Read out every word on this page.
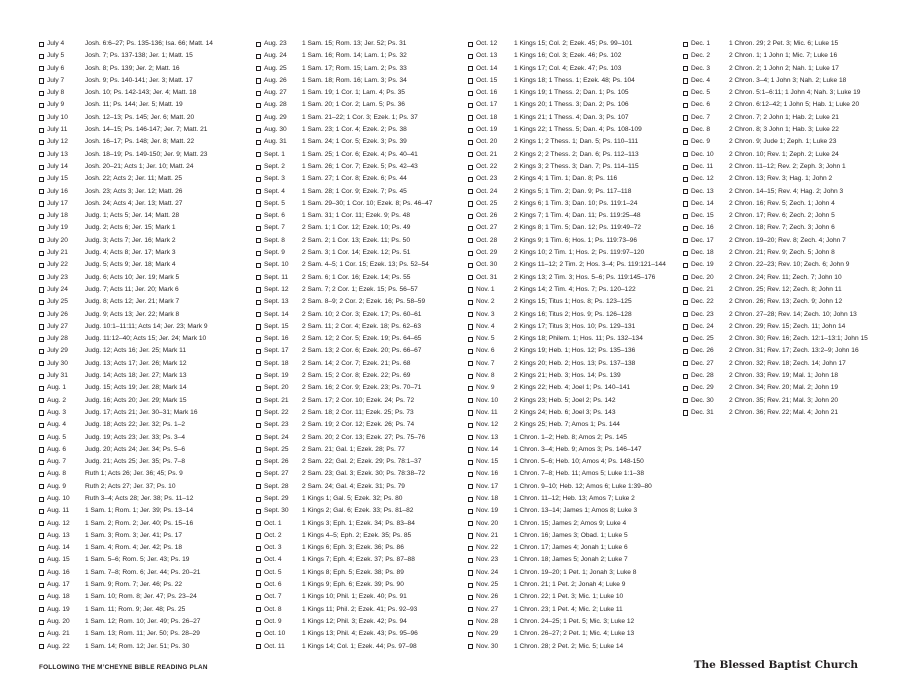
July 4	Josh. 6:6–27; Ps. 135-136; Isa. 66; Matt. 14
July 5	Josh. 7; Ps. 137-138; Jer. 1; Matt. 15
July 6	Josh. 8; Ps. 139; Jer. 2; Matt. 16
July 7	Josh. 9; Ps. 140-141; Jer. 3; Matt. 17
July 8	Josh. 10; Ps. 142-143; Jer. 4; Matt. 18
July 9	Josh. 11; Ps. 144; Jer. 5; Matt. 19
July 10	Josh. 12–13; Ps. 145; Jer. 6; Matt. 20
July 11	Josh. 14–15; Ps. 146-147; Jer. 7; Matt. 21
July 12	Josh. 16–17; Ps. 148; Jer. 8; Matt. 22
July 13	Josh. 18–19; Ps. 149-150; Jer. 9; Matt. 23
July 14	Josh. 20–21; Acts 1; Jer. 10; Matt. 24
July 15	Josh. 22; Acts 2; Jer. 11; Matt. 25
July 16	Josh. 23; Acts 3; Jer. 12; Matt. 26
July 17	Josh. 24; Acts 4; Jer. 13; Matt. 27
July 18	Judg. 1; Acts 5; Jer. 14; Matt. 28
July 19	Judg. 2; Acts 6; Jer. 15; Mark 1
July 20	Judg. 3; Acts 7; Jer. 16; Mark 2
July 21	Judg. 4; Acts 8; Jer. 17; Mark 3
July 22	Judg. 5; Acts 9; Jer. 18; Mark 4
July 23	Judg. 6; Acts 10; Jer. 19; Mark 5
July 24	Judg. 7; Acts 11; Jer. 20; Mark 6
July 25	Judg. 8; Acts 12; Jer. 21; Mark 7
July 26	Judg. 9; Acts 13; Jer. 22; Mark 8
July 27	Judg. 10:1–11:11; Acts 14; Jer. 23; Mark 9
July 28	Judg. 11:12–40; Acts 15; Jer. 24; Mark 10
July 29	Judg. 12; Acts 16; Jer. 25; Mark 11
July 30	Judg. 13; Acts 17; Jer. 26; Mark 12
July 31	Judg. 14; Acts 18; Jer. 27; Mark 13
Aug. 1	Judg. 15; Acts 19; Jer. 28; Mark 14
Aug. 2	Judg. 16; Acts 20; Jer. 29; Mark 15
Aug. 3	Judg. 17; Acts 21; Jer. 30–31; Mark 16
Aug. 4	Judg. 18; Acts 22; Jer. 32; Ps. 1–2
Aug. 5	Judg. 19; Acts 23; Jer. 33; Ps. 3–4
Aug. 6	Judg. 20; Acts 24; Jer. 34; Ps. 5–6
Aug. 7	Judg. 21; Acts 25; Jer. 35; Ps. 7–8
Aug. 8	Ruth 1; Acts 26; Jer. 36; 45; Ps. 9
Aug. 9	Ruth 2; Acts 27; Jer. 37; Ps. 10
Aug. 10	Ruth 3–4; Acts 28; Jer. 38; Ps. 11–12
Aug. 11	1 Sam. 1; Rom. 1; Jer. 39; Ps. 13–14
Aug. 12	1 Sam. 2; Rom. 2; Jer. 40; Ps. 15–16
Aug. 13	1 Sam. 3; Rom. 3; Jer. 41; Ps. 17
Aug. 14	1 Sam. 4; Rom. 4; Jer. 42; Ps. 18
Aug. 15	1 Sam. 5–6; Rom. 5; Jer. 43; Ps. 19
Aug. 16	1 Sam. 7–8; Rom. 6; Jer. 44; Ps. 20–21
Aug. 17	1 Sam. 9; Rom. 7; Jer. 46; Ps. 22
Aug. 18	1 Sam. 10; Rom. 8; Jer. 47; Ps. 23–24
Aug. 19	1 Sam. 11; Rom. 9; Jer. 48; Ps. 25
Aug. 20	1 Sam. 12; Rom. 10; Jer. 49; Ps. 26–27
Aug. 21	1 Sam. 13; Rom. 11; Jer. 50; Ps. 28–29
Aug. 22	1 Sam. 14; Rom. 12; Jer. 51; Ps. 30
Aug. 23	1 Sam. 15; Rom. 13; Jer. 52; Ps. 31
Aug. 24	1 Sam. 16; Rom. 14; Lam. 1; Ps. 32
Aug. 25	1 Sam. 17; Rom. 15; Lam. 2; Ps. 33
Aug. 26	1 Sam. 18; Rom. 16; Lam. 3; Ps. 34
Aug. 27	1 Sam. 19; 1 Cor. 1; Lam. 4; Ps. 35
Aug. 28	1 Sam. 20; 1 Cor. 2; Lam. 5; Ps. 36
Aug. 29	1 Sam. 21–22; 1 Cor. 3; Ezek. 1; Ps. 37
Aug. 30	1 Sam. 23; 1 Cor. 4; Ezek. 2; Ps. 38
Aug. 31	1 Sam. 24; 1 Cor. 5; Ezek. 3; Ps. 39
Sept. 1	1 Sam. 25; 1 Cor. 6; Ezek. 4; Ps. 40–41
Sept. 2	1 Sam. 26; 1 Cor. 7; Ezek. 5; Ps. 42–43
Sept. 3	1 Sam. 27; 1 Cor. 8; Ezek. 6; Ps. 44
Sept. 4	1 Sam. 28; 1 Cor. 9; Ezek. 7; Ps. 45
Sept. 5	1 Sam. 29–30; 1 Cor. 10; Ezek. 8; Ps. 46–47
Sept. 6	1 Sam. 31; 1 Cor. 11; Ezek. 9; Ps. 48
Sept. 7	2 Sam. 1; 1 Cor. 12; Ezek. 10; Ps. 49
Sept. 8	2 Sam. 2; 1 Cor. 13; Ezek. 11; Ps. 50
Sept. 9	2 Sam. 3; 1 Cor. 14; Ezek. 12; Ps. 51
Sept. 10	2 Sam. 4–5; 1 Cor. 15; Ezek. 13; Ps. 52–54
Sept. 11	2 Sam. 6; 1 Cor. 16; Ezek. 14; Ps. 55
Sept. 12	2 Sam. 7; 2 Cor. 1; Ezek. 15; Ps. 56–57
Sept. 13	2 Sam. 8–9; 2 Cor. 2; Ezek. 16; Ps. 58–59
Sept. 14	2 Sam. 10; 2 Cor. 3; Ezek. 17; Ps. 60–61
Sept. 15	2 Sam. 11; 2 Cor. 4; Ezek. 18; Ps. 62–63
Sept. 16	2 Sam. 12; 2 Cor. 5; Ezek. 19; Ps. 64–65
Sept. 17	2 Sam. 13; 2 Cor. 6; Ezek. 20; Ps. 66–67
Sept. 18	2 Sam. 14; 2 Cor. 7; Ezek. 21; Ps. 68
Sept. 19	2 Sam. 15; 2 Cor. 8; Ezek. 22; Ps. 69
Sept. 20	2 Sam. 16; 2 Cor. 9; Ezek. 23; Ps. 70–71
Sept. 21	2 Sam. 17; 2 Cor. 10; Ezek. 24; Ps. 72
Sept. 22	2 Sam. 18; 2 Cor. 11; Ezek. 25; Ps. 73
Sept. 23	2 Sam. 19; 2 Cor. 12; Ezek. 26; Ps. 74
Sept. 24	2 Sam. 20; 2 Cor. 13; Ezek. 27; Ps. 75–76
Sept. 25	2 Sam. 21; Gal. 1; Ezek. 28; Ps. 77
Sept. 26	2 Sam. 22; Gal. 2; Ezek. 29; Ps. 78:1–37
Sept. 27	2 Sam. 23; Gal. 3; Ezek. 30; Ps. 78:38–72
Sept. 28	2 Sam. 24; Gal. 4; Ezek. 31; Ps. 79
Sept. 29	1 Kings 1; Gal. 5; Ezek. 32; Ps. 80
Sept. 30	1 Kings 2; Gal. 6; Ezek. 33; Ps. 81–82
Oct. 1	1 Kings 3; Eph. 1; Ezek. 34; Ps. 83–84
Oct. 2	1 Kings 4–5; Eph. 2; Ezek. 35; Ps. 85
Oct. 3	1 Kings 6; Eph. 3; Ezek. 36; Ps. 86
Oct. 4	1 Kings 7; Eph. 4; Ezek. 37; Ps. 87–88
Oct. 5	1 Kings 8; Eph. 5; Ezek. 38; Ps. 89
Oct. 6	1 Kings 9; Eph. 6; Ezek. 39; Ps. 90
Oct. 7	1 Kings 10; Phil. 1; Ezek. 40; Ps. 91
Oct. 8	1 Kings 11; Phil. 2; Ezek. 41; Ps. 92–93
Oct. 9	1 Kings 12; Phil. 3; Ezek. 42; Ps. 94
Oct. 10	1 Kings 13; Phil. 4; Ezek. 43; Ps. 95–96
Oct. 11	1 Kings 14; Col. 1; Ezek. 44; Ps. 97–98
Oct. 12	1 Kings 15; Col. 2; Ezek. 45; Ps. 99–101
Oct. 13	1 Kings 16; Col. 3; Ezek. 46; Ps. 102
Oct. 14	1 Kings 17; Col. 4; Ezek. 47; Ps. 103
Oct. 15	1 Kings 18; 1 Thess. 1; Ezek. 48; Ps. 104
Oct. 16	1 Kings 19; 1 Thess. 2; Dan. 1; Ps. 105
Oct. 17	1 Kings 20; 1 Thess. 3; Dan. 2; Ps. 106
Oct. 18	1 Kings 21; 1 Thess. 4; Dan. 3; Ps. 107
Oct. 19	1 Kings 22; 1 Thess. 5; Dan. 4; Ps. 108-109
Oct. 20	2 Kings 1; 2 Thess. 1; Dan. 5; Ps. 110–111
Oct. 21	2 Kings 2; 2 Thess. 2; Dan. 6; Ps. 112–113
Oct. 22	2 Kings 3; 2 Thess. 3; Dan. 7; Ps. 114–115
Oct. 23	2 Kings 4; 1 Tim. 1; Dan. 8; Ps. 116
Oct. 24	2 Kings 5; 1 Tim. 2; Dan. 9; Ps. 117–118
Oct. 25	2 Kings 6; 1 Tim. 3; Dan. 10; Ps. 119:1–24
Oct. 26	2 Kings 7; 1 Tim. 4; Dan. 11; Ps. 119:25–48
Oct. 27	2 Kings 8; 1 Tim. 5; Dan. 12; Ps. 119:49–72
Oct. 28	2 Kings 9; 1 Tim. 6; Hos. 1; Ps. 119:73–96
Oct. 29	2 Kings 10; 2 Tim. 1; Hos. 2; Ps. 119:97–120
Oct. 30	2 Kings 11–12; 2 Tim. 2; Hos. 3–4; Ps. 119:121–144
Oct. 31	2 Kings 13; 2 Tim. 3; Hos. 5–6; Ps. 119:145–176
Nov. 1	2 Kings 14; 2 Tim. 4; Hos. 7; Ps. 120–122
Nov. 2	2 Kings 15; Titus 1; Hos. 8; Ps. 123–125
Nov. 3	2 Kings 16; Titus 2; Hos. 9; Ps. 126–128
Nov. 4	2 Kings 17; Titus 3; Hos. 10; Ps. 129–131
Nov. 5	2 Kings 18; Philem. 1; Hos. 11; Ps. 132–134
Nov. 6	2 Kings 19; Heb. 1; Hos. 12; Ps. 135–136
Nov. 7	2 Kings 20; Heb. 2; Hos. 13; Ps. 137–138
Nov. 8	2 Kings 21; Heb. 3; Hos. 14; Ps. 139
Nov. 9	2 Kings 22; Heb. 4; Joel 1; Ps. 140–141
Nov. 10	2 Kings 23; Heb. 5; Joel 2; Ps. 142
Nov. 11	2 Kings 24; Heb. 6; Joel 3; Ps. 143
Nov. 12	2 Kings 25; Heb. 7; Amos 1; Ps. 144
Nov. 13	1 Chron. 1–2; Heb. 8; Amos 2; Ps. 145
Nov. 14	1 Chron. 3–4; Heb. 9; Amos 3; Ps. 146–147
Nov. 15	1 Chron. 5–6; Heb. 10; Amos 4; Ps. 148-150
Nov. 16	1 Chron. 7–8; Heb. 11; Amos 5; Luke 1:1–38
Nov. 17	1 Chron. 9–10; Heb. 12; Amos 6; Luke 1:39–80
Nov. 18	1 Chron. 11–12; Heb. 13; Amos 7; Luke 2
Nov. 19	1 Chron. 13–14; James 1; Amos 8; Luke 3
Nov. 20	1 Chron. 15; James 2; Amos 9; Luke 4
Nov. 21	1 Chron. 16; James 3; Obad. 1; Luke 5
Nov. 22	1 Chron. 17; James 4; Jonah 1; Luke 6
Nov. 23	1 Chron. 18; James 5; Jonah 2; Luke 7
Nov. 24	1 Chron. 19–20; 1 Pet. 1; Jonah 3; Luke 8
Nov. 25	1 Chron. 21; 1 Pet. 2; Jonah 4; Luke 9
Nov. 26	1 Chron. 22; 1 Pet. 3; Mic. 1; Luke 10
Nov. 27	1 Chron. 23; 1 Pet. 4; Mic. 2; Luke 11
Nov. 28	1 Chron. 24–25; 1 Pet. 5; Mic. 3; Luke 12
Nov. 29	1 Chron. 26–27; 2 Pet. 1; Mic. 4; Luke 13
Nov. 30	1 Chron. 28; 2 Pet. 2; Mic. 5; Luke 14
Dec. 1	1 Chron. 29; 2 Pet. 3; Mic. 6; Luke 15
Dec. 2	2 Chron. 1; 1 John 1; Mic. 7; Luke 16
Dec. 3	2 Chron. 2; 1 John 2; Nah. 1; Luke 17
Dec. 4	2 Chron. 3–4; 1 John 3; Nah. 2; Luke 18
Dec. 5	2 Chron. 5:1–6:11; 1 John 4; Nah. 3; Luke 19
Dec. 6	2 Chron. 6:12–42; 1 John 5; Hab. 1; Luke 20
Dec. 7	2 Chron. 7; 2 John 1; Hab. 2; Luke 21
Dec. 8	2 Chron. 8; 3 John 1; Hab. 3; Luke 22
Dec. 9	2 Chron. 9; Jude 1; Zeph. 1; Luke 23
Dec. 10	2 Chron. 10; Rev. 1; Zeph. 2; Luke 24
Dec. 11	2 Chron. 11–12; Rev. 2; Zeph. 3; John 1
Dec. 12	2 Chron. 13; Rev. 3; Hag. 1; John 2
Dec. 13	2 Chron. 14–15; Rev. 4; Hag. 2; John 3
Dec. 14	2 Chron. 16; Rev. 5; Zech. 1; John 4
Dec. 15	2 Chron. 17; Rev. 6; Zech. 2; John 5
Dec. 16	2 Chron. 18; Rev. 7; Zech. 3; John 6
Dec. 17	2 Chron. 19–20; Rev. 8; Zech. 4; John 7
Dec. 18	2 Chron. 21; Rev. 9; Zech. 5; John 8
Dec. 19	2 Chron. 22–23; Rev. 10; Zech. 6; John 9
Dec. 20	2 Chron. 24; Rev. 11; Zech. 7; John 10
Dec. 21	2 Chron. 25; Rev. 12; Zech. 8; John 11
Dec. 22	2 Chron. 26; Rev. 13; Zech. 9; John 12
Dec. 23	2 Chron. 27–28; Rev. 14; Zech. 10; John 13
Dec. 24	2 Chron. 29; Rev. 15; Zech. 11; John 14
Dec. 25	2 Chron. 30; Rev. 16; Zech. 12:1–13:1; John 15
Dec. 26	2 Chron. 31; Rev. 17; Zech. 13:2–9; John 16
Dec. 27	2 Chron. 32; Rev. 18; Zech. 14; John 17
Dec. 28	2 Chron. 33; Rev. 19; Mal. 1; John 18
Dec. 29	2 Chron. 34; Rev. 20; Mal. 2; John 19
Dec. 30	2 Chron. 35; Rev. 21; Mal. 3; John 20
Dec. 31	2 Chron. 36; Rev. 22; Mal. 4; John 21
FOLLOWING THE M’CHEYNE BIBLE READING PLAN	The Blessed Baptist Church
